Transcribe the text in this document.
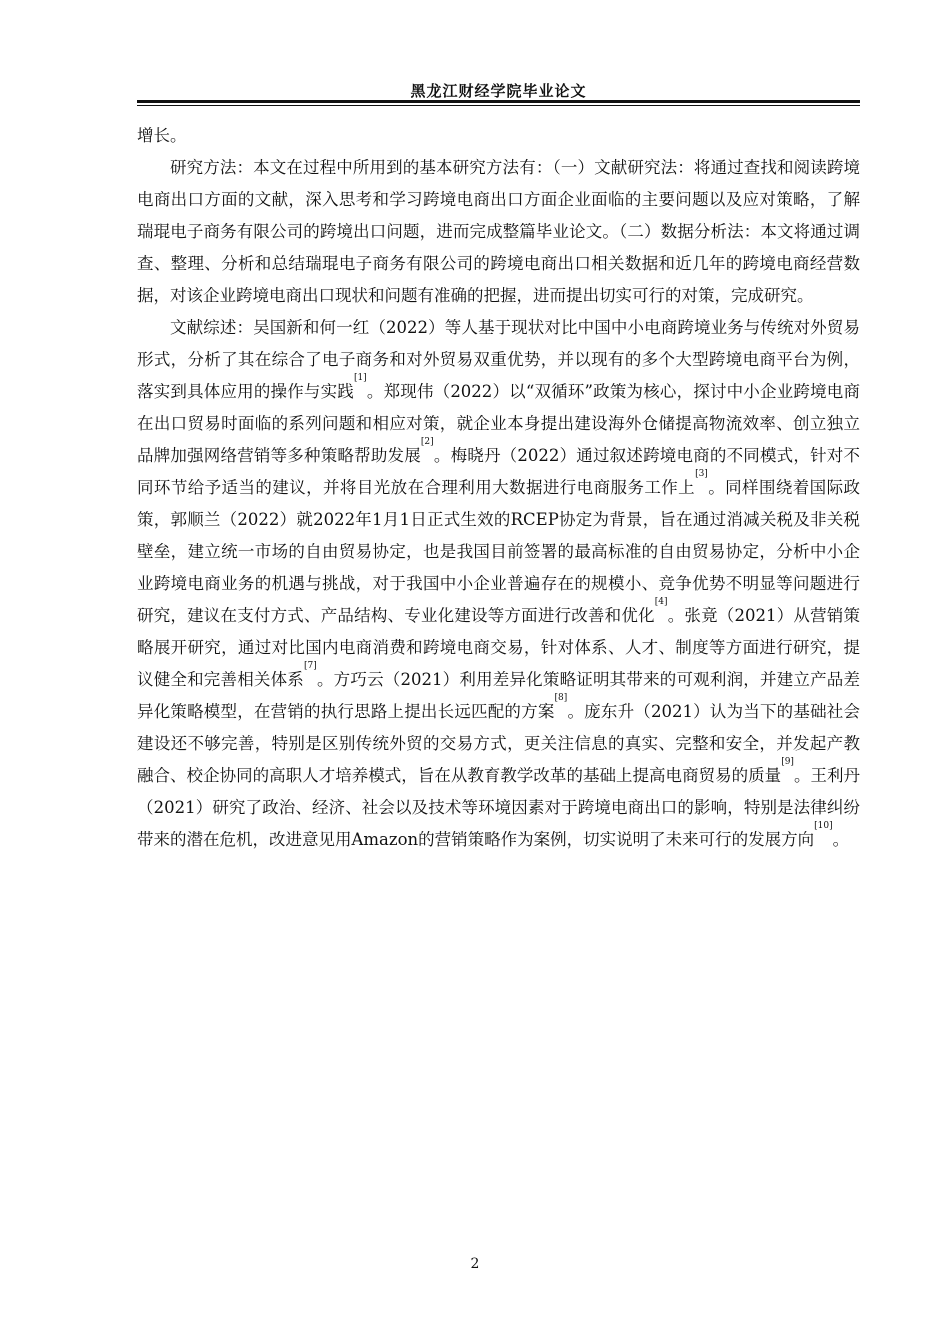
黑龙江财经学院毕业论文

增长。

研究方法：本文在过程中所用到的基本研究方法有：（一）文献研究法：将通过查找和阅读跨境电商出口方面的文献，深入思考和学习跨境电商出口方面企业面临的主要问题以及应对策略，了解瑞琨电子商务有限公司的跨境出口问题，进而完成整篇毕业论文。（二）数据分析法：本文将通过调查、整理、分析和总结瑞琨电子商务有限公司的跨境电商出口相关数据和近几年的跨境电商经营数据，对该企业跨境电商出口现状和问题有准确的把握，进而提出切实可行的对策，完成研究。

文献综述：吴国新和何一红（2022）等人基于现状对比中国中小电商跨境业务与传统对外贸易形式，分析了其在综合了电子商务和对外贸易双重优势，并以现有的多个大型跨境电商平台为例，落实到具体应用的操作与实践[1]。郑现伟（2022）以“双循环”政策为核心，探讨中小企业跨境电商在出口贸易时面临的系列问题和相应对策，就企业本身提出建设海外仓储提高物流效率、创立独立品牌加强网络营销等多种策略帮助发展[2]。梅晓丹（2022）通过叙述跨境电商的不同模式，针对不同环节给予适当的建议，并将目光放在合理利用大数据进行电商服务工作上[3]。同样围绕着国际政策，郭顺兰（2022）就2022年1月1日正式生效的RCEP协定为背景，旨在通过消减关税及非关税壁垒，建立统一市场的自由贸易协定，也是我国目前签署的最高标准的自由贸易协定，分析中小企业跨境电商业务的机遇与挑战，对于我国中小企业普遍存在的规模小、竞争优势不明显等问题进行研究，建议在支付方式、产品结构、专业化建设等方面进行改善和优化[4]。张竟（2021）从营销策略展开研究，通过对比国内电商消费和跨境电商交易，针对体系、人才、制度等方面进行研究，提议健全和完善相关体系[7]。方巧云（2021）利用差异化策略证明其带来的可观利润，并建立产品差异化策略模型，在营销的执行思路上提出长远匹配的方案[8]。庞东升（2021）认为当下的基础社会建设还不够完善，特别是区别传统外贸的交易方式，更关注信息的真实、完整和安全，并发起产教融合、校企协同的高职人才培养模式，旨在从教育教学改革的基础上提高电商贸易的质量[9]。王利丹（2021）研究了政治、经济、社会以及技术等环境因素对于跨境电商出口的影响，特别是法律纠纷带来的潜在危机，改进意见用Amazon的营销策略作为案例，切实说明了未来可行的发展方向[10]。

2
